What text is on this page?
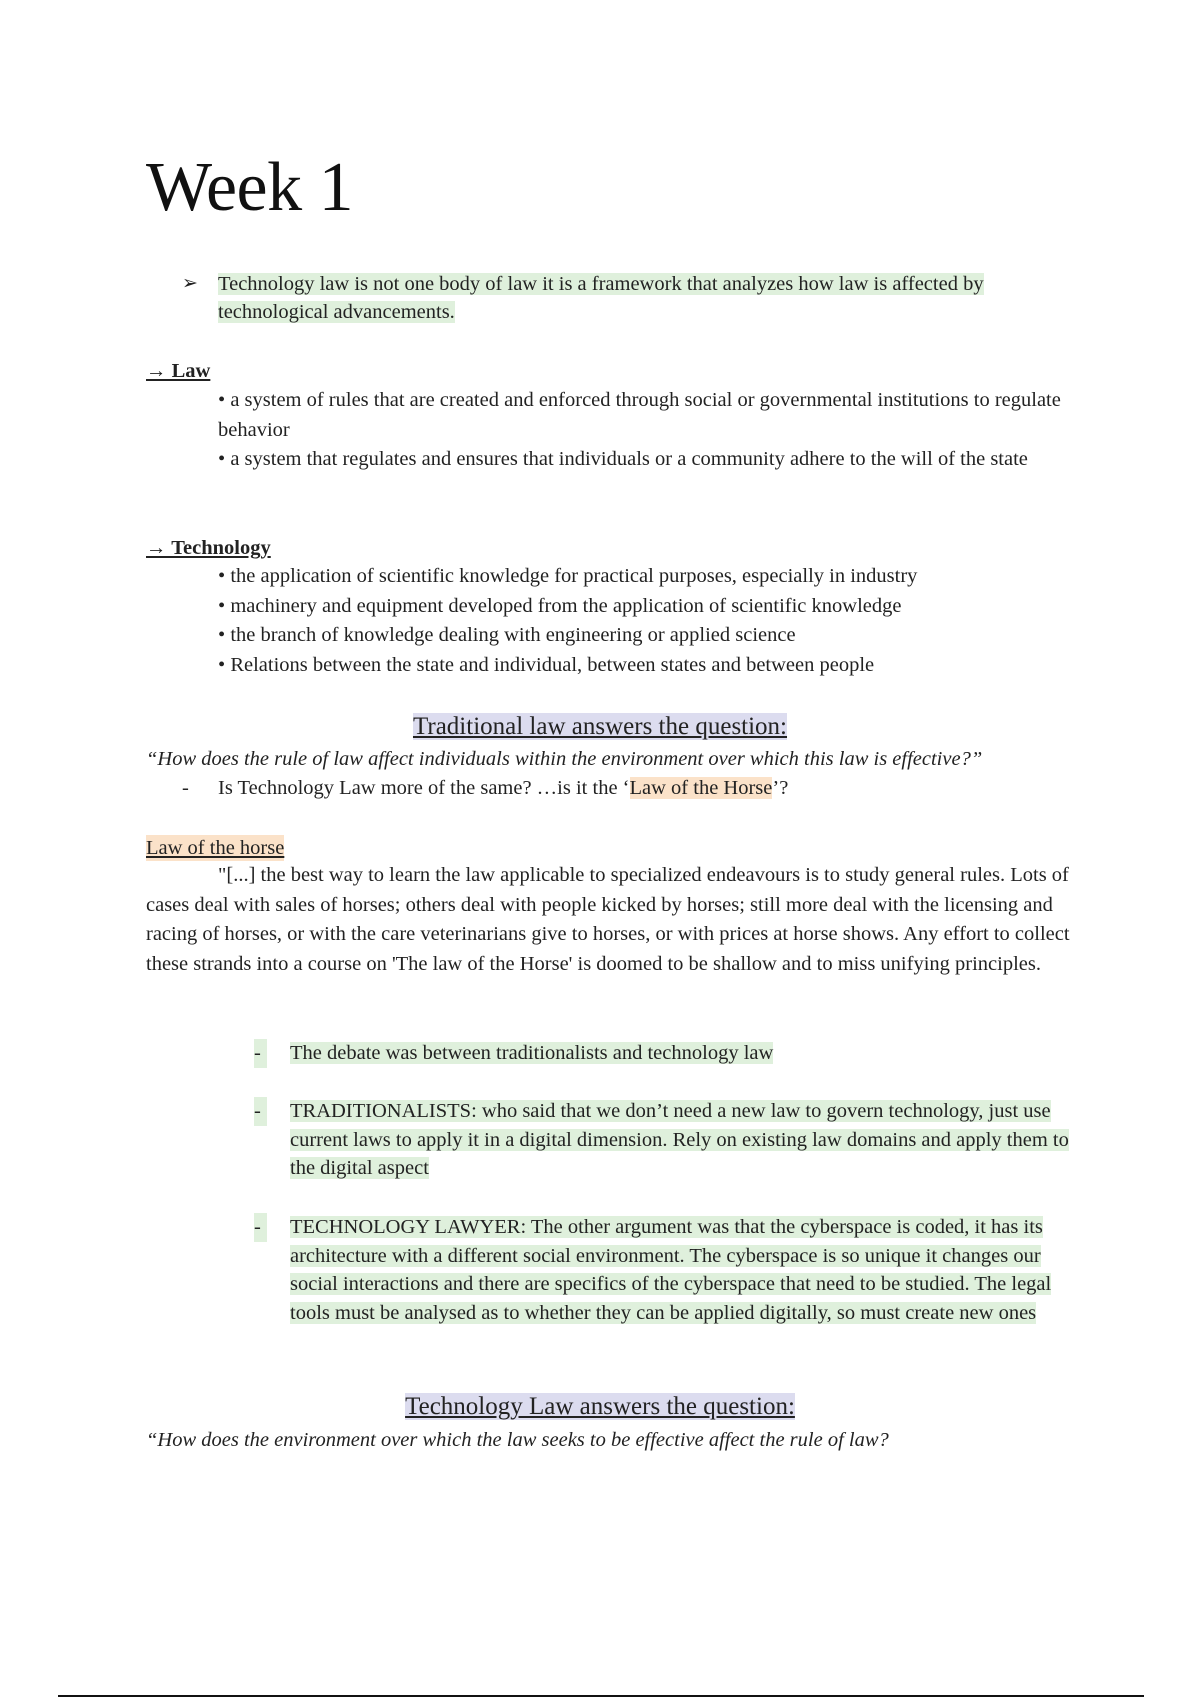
Week 1
➢ Technology law is not one body of law it is a framework that analyzes how law is affected by technological advancements.
→ Law
• a system of rules that are created and enforced through social or governmental institutions to regulate behavior
• a system that regulates and ensures that individuals or a community adhere to the will of the state
→ Technology
• the application of scientific knowledge for practical purposes, especially in industry
• machinery and equipment developed from the application of scientific knowledge
• the branch of knowledge dealing with engineering or applied science
• Relations between the state and individual, between states and between people
Traditional law answers the question:
“How does the rule of law affect individuals within the environment over which this law is effective?”
- Is Technology Law more of the same? …is it the ‘Law of the Horse’?
Law of the horse
"[...] the best way to learn the law applicable to specialized endeavours is to study general rules. Lots of cases deal with sales of horses; others deal with people kicked by horses; still more deal with the licensing and racing of horses, or with the care veterinarians give to horses, or with prices at horse shows. Any effort to collect these strands into a course on 'The law of the Horse' is doomed to be shallow and to miss unifying principles.
- The debate was between traditionalists and technology law
- TRADITIONALISTS: who said that we don’t need a new law to govern technology, just use current laws to apply it in a digital dimension. Rely on existing law domains and apply them to the digital aspect
- TECHNOLOGY LAWYER: The other argument was that the cyberspace is coded, it has its architecture with a different social environment. The cyberspace is so unique it changes our social interactions and there are specifics of the cyberspace that need to be studied. The legal tools must be analysed as to whether they can be applied digitally, so must create new ones
Technology Law answers the question:
“How does the environment over which the law seeks to be effective affect the rule of law?
